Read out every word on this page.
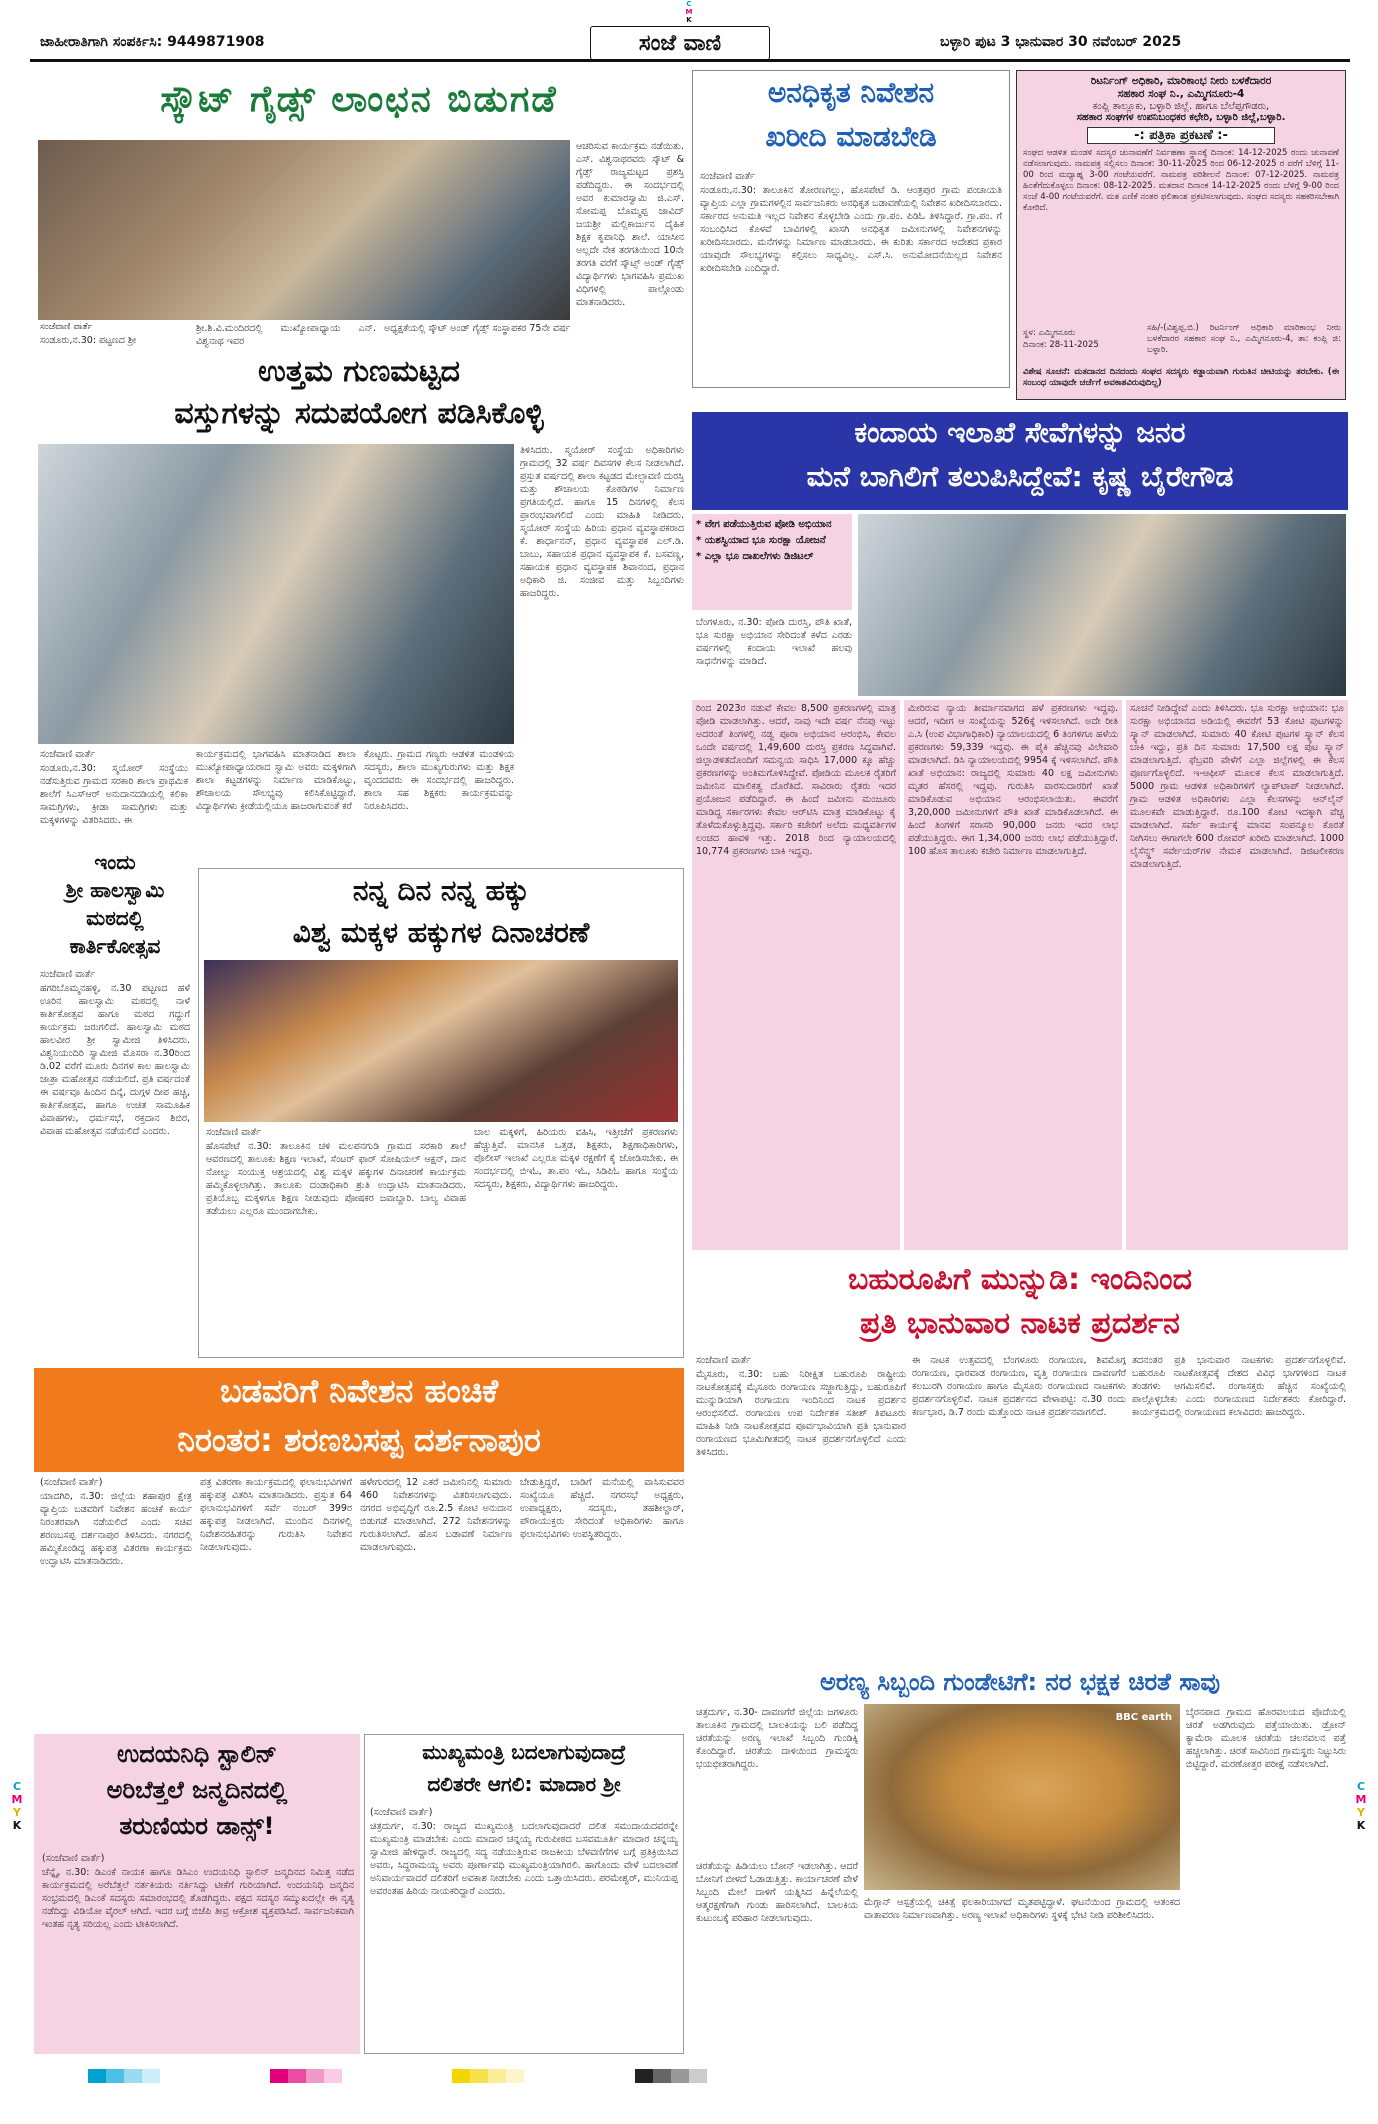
C
M
K
ಜಾಹೀರಾತಿಗಾಗಿ ಸಂಪರ್ಕಿಸಿ: 9449871908	ಸಂಜೆ ವಾಣಿ	ಬಳ್ಳಾರಿ ಪುಟ 3 ಭಾನುವಾರ 30 ನವೆಂಬರ್ 2025
ಸ್ಕೌಟ್ ಗೈಡ್ಸ್ ಲಾಂಛನ ಬಿಡುಗಡೆ
ಸಂಜೆವಾಣಿ ವಾರ್ತೆ
ಸಂಡೂರು,ನ.30: ಪಟ್ಟಣದ ಶ್ರೀ
ಶ್ರೀ.ಶಿ.ವಿ.ಮಂದಿರದಲ್ಲಿ ಮುಖ್ಯೋಪಾಧ್ಯಾಯ ಎನ್. ವಿಶ್ವನಾಥ ಇವರ
ಅಧ್ಯಕ್ಷತೆಯಲ್ಲಿ ಸ್ಕೌಟ್ ಅಂಡ್ ಗೈಡ್ಸ್ ಸಂಸ್ಥಾಪಕರ 75ನೇ ವರ್ಷ
ಆಚರಿಸುವ ಕಾರ್ಯಕ್ರಮ ನಡೆಯಿತು. ಎಸ್. ವಿಶ್ವನಾಥರವರು ಸ್ಕೌಟ್ & ಗೈಡ್ಸ್ ರಾಜ್ಯಮಟ್ಟದ ಪ್ರಶಸ್ತಿ ಪಡೆದಿದ್ದರು. ಈ ಸಂದರ್ಭದಲ್ಲಿ ಅವರ ಕುಮಾರಸ್ವಾಮಿ ಜಿ.ಎಸ್. ಸೋಮಪ್ಪ ಬೊಮ್ಮಪ್ಪ ಜಾವಿದ್ ಜಯಶ್ರೀ ಮಲ್ಲಿಕಾರ್ಜುನ ದೈಹಿಕ ಶಿಕ್ಷಕ ಕೃಪಾನಿಧಿ ಶಾಲೆ. ಯಾಸೀನ ಅಲ್ಲದೇ ನೇಕ ತರಗತಿಯಿಂದ 10ನೇ ತರಗತಿ ವರೆಗೆ ಸ್ಕೌಟ್ಸ್ ಅಂಡ್ ಗೈಡ್ಸ್ ವಿದ್ಯಾರ್ಥಿಗಳು ಭಾಗವಹಿಸಿ ಪ್ರಮುಖ ವಿಧಿಗಳಲ್ಲಿ ಪಾಲ್ಗೊಂಡು ಮಾತನಾಡಿದರು.
ಅನಧಿಕೃತ ನಿವೇಶನ
ಖರೀದಿ ಮಾಡಬೇಡಿ
ಸಂಜೆವಾಣಿ ವಾರ್ತೆ
ಸಂಡೂರು,ನ.30: ತಾಲೂಕಿನ ತೋರಣಗಲ್ಲು, ಹೊಸಪೇಟೆ ಡಿ. ಆಂತ್ರಪುರ ಗ್ರಾಮ ಪಂಚಾಯತಿ ವ್ಯಾಪ್ತಿಯ ಎಲ್ಲಾ ಗ್ರಾಮಗಳಲ್ಲಿನ ಸಾರ್ವಜನಿಕರು ಅನಧಿಕೃತ ಬಡಾವಣೆಯಲ್ಲಿ ನಿವೇಶನ ಖರೀದಿಸಬಾರದು. ಸರ್ಕಾರದ ಅನುಮತಿ ಇಲ್ಲದ ನಿವೇಶನ ಕೊಳ್ಳಬೇಡಿ ಎಂದು ಗ್ರಾ.ಪಂ. ಪಿಡಿಓ ತಿಳಿಸಿದ್ದಾರೆ. ಗ್ರಾ.ಪಂ. ಗೆ ಸಂಬಂಧಿಸಿದ ಕೊಳವೆ ಬಾವಿಗಳಲ್ಲಿ ಖಾಸಗಿ ಅನಧಿಕೃತ ಜಮೀನುಗಳಲ್ಲಿ ನಿವೇಶನಗಳನ್ನು ಖರೀದಿಸಬಾರದು. ಮನೆಗಳನ್ನು ನಿರ್ಮಾಣ ಮಾಡಬಾರದು. ಈ ಕುರಿತು ಸರ್ಕಾರದ ಆದೇಶದ ಪ್ರಕಾರ ಯಾವುದೇ ಸೌಲಭ್ಯಗಳನ್ನು ಕಲ್ಪಿಸಲು ಸಾಧ್ಯವಿಲ್ಲ. ಎಸ್.ಸಿ. ಅನುಮೋದನೆಯಿಲ್ಲದ ನಿವೇಶನ ಖರೀದಿಸಬೇಡಿ ಎಂದಿದ್ದಾರೆ.
ರಿಟರ್ನಿಂಗ್ ಅಧಿಕಾರಿ, ಮಾರಿಕಾಂಭ ನೀರು ಬಳಕೆದಾರರ
ಸಹಕಾರ ಸಂಘ ನಿ., ಎಮ್ಮಿಗನೂರು-4
ಕಂಪ್ಲಿ ತಾಲ್ಲೂಕು, ಬಳ್ಳಾರಿ ಜಿಲ್ಲೆ. ಹಾಗೂ ಬೆಲೆಪ್ಪಗೌಡರು,
ಸಹಕಾರ ಸಂಘಗಳ ಉಪನಿಬಂಧಕರ ಕಛೇರಿ, ಬಳ್ಳಾರಿ ಜಿಲ್ಲೆ,ಬಳ್ಳಾರಿ.
-: ಪತ್ರಿಕಾ ಪ್ರಕಟಣೆ :-
ಸಂಘದ ಆಡಳಿತ ಮಂಡಳಿ ಸದಸ್ಯರ ಚುನಾವಣೆಗೆ ನಿರ್ವಹಣಾ ಸ್ಥಾನಕ್ಕೆ ದಿನಾಂಕ: 14-12-2025 ರಂದು ಚುನಾವಣೆ ನಡೆಸಲಾಗುವುದು. ನಾಮಪತ್ರ ಸಲ್ಲಿಸಲು ದಿನಾಂಕ: 30-11-2025 ರಿಂದ 06-12-2025 ರ ವರೆಗೆ ಬೆಳಿಗ್ಗೆ 11-00 ರಿಂದ ಮಧ್ಯಾಹ್ನ 3-00 ಗಂಟೆಯವರೆಗೆ. ನಾಮಪತ್ರ ಪರಿಶೀಲನೆ ದಿನಾಂಕ: 07-12-2025. ನಾಮಪತ್ರ ಹಿಂತೆಗೆದುಕೊಳ್ಳಲು ದಿನಾಂಕ: 08-12-2025. ಮತದಾನ ದಿನಾಂಕ 14-12-2025 ರಂದು ಬೆಳಿಗ್ಗೆ 9-00 ರಿಂದ ಸಂಜೆ 4-00 ಗಂಟೆಯವರೆಗೆ. ಮತ ಎಣಿಕೆ ನಂತರ ಫಲಿತಾಂಶ ಪ್ರಕಟಿಸಲಾಗುವುದು. ಸಂಘದ ಸದಸ್ಯರು ಸಹಕರಿಸಬೇಕಾಗಿ ಕೋರಿದೆ.
ಸ್ಥಳ: ಎಮ್ಮಿಗನೂರು
ದಿನಾಂಕ: 28-11-2025
ಸಹಿ/-(ವಿಶ್ವಪ್ಪ.ಬಿ.) ರಿಟರ್ನಿಂಗ್ ಅಧಿಕಾರಿ ಮಾರಿಕಾಂಭ ನೀರು ಬಳಕೆದಾರರ ಸಹಕಾರ ಸಂಘ ನಿ., ಎಮ್ಮಿಗನೂರು-4, ತಾ: ಕಂಪ್ಲಿ ಜಿ: ಬಳ್ಳಾರಿ.
ವಿಶೇಷ ಸೂಚನೆ: ಮತದಾನದ ದಿನದಂದು ಸಂಘದ ಸದಸ್ಯರು ಕಡ್ಡಾಯವಾಗಿ ಗುರುತಿನ ಚೀಟಿಯನ್ನು ತರಬೇಕು. (ಈ ಸಂಬಂಧ ಯಾವುದೇ ಚರ್ಚೆಗೆ ಅವಕಾಶವಿರುವುದಿಲ್ಲ)
ಉತ್ತಮ ಗುಣಮಟ್ಟದ
ವಸ್ತುಗಳನ್ನು ಸದುಪಯೋಗ ಪಡಿಸಿಕೊಳ್ಳಿ
ತಿಳಿಸಿದರು. ಸ್ಮಯೋರ್ ಸಂಸ್ಥೆಯ ಅಧಿಕಾರಿಗಳು ಗ್ರಾಮದಲ್ಲಿ 32 ವರ್ಷ ದಿವಸಗಳ ಕೆಲಸ ನೀಡಲಾಗಿದೆ. ಪ್ರಸ್ತುತ ವರ್ಷದಲ್ಲಿ ಶಾಲಾ ಕಟ್ಟಡದ ಮೇಲ್ಛಾವಣಿ ದುರಸ್ತಿ ಮತ್ತು ಶೌಚಾಲಯ ಕೊಠಡಿಗಳ ನಿರ್ಮಾಣ ಪ್ರಗತಿಯಲ್ಲಿದೆ. ಹಾಗೂ 15 ದಿನಗಳಲ್ಲಿ ಕೆಲಸ ಪ್ರಾರಂಭವಾಗಲಿದೆ ಎಂದು ಮಾಹಿತಿ ನೀಡಿದರು. ಸ್ಮಯೋರ್ ಸಂಸ್ಥೆಯ ಹಿರಿಯ ಪ್ರಧಾನ ವ್ಯವಸ್ಥಾಪಕರಾದ ಕೆ. ಶಾರ್ಧಾನನ್, ಪ್ರಧಾನ ವ್ಯವಸ್ಥಾಪಕ ಎಲ್.ಡಿ. ಬಾಬು, ಸಹಾಯಕ ಪ್ರಧಾನ ವ್ಯವಸ್ಥಾಪಕ ಕೆ. ಬಸವಣ್ಣ, ಸಹಾಯಕ ಪ್ರಧಾನ ವ್ಯವಸ್ಥಾಪಕ ಶಿವಾನಂದ, ಪ್ರಧಾನ ಅಧಿಕಾರಿ ಜಿ. ಸಂಜೀವ ಮತ್ತು ಸಿಬ್ಬಂದಿಗಳು ಹಾಜರಿದ್ದರು.
ಸಂಜೆವಾಣಿ ವಾರ್ತೆ
ಸಂಡೂರು,ನ.30: ಸ್ಮಯೋರ್ ಸಂಸ್ಥೆಯು ನಡೆಸುತ್ತಿರುವ ಗ್ರಾಮದ ಸರಕಾರಿ ಶಾಲಾ ಪ್ರಾಥಮಿಕ ಶಾಲೆಗೆ ಸಿಎಸ್‌ಆರ್ ಅನುದಾನದಡಿಯಲ್ಲಿ ಕಲಿಕಾ ಸಾಮಗ್ರಿಗಳು, ಕ್ರೀಡಾ ಸಾಮಗ್ರಿಗಳು ಮತ್ತು ಮಕ್ಕಳಿಗಳನ್ನು ವಿತರಿಸಿದರು. ಈ
ಕಾರ್ಯಕ್ರಮದಲ್ಲಿ ಭಾಗವಹಿಸಿ ಮಾತನಾಡಿದ ಶಾಲಾ ಮುಖ್ಯೋಪಾಧ್ಯಾಯರಾದ ಸ್ವಾಮಿ ಅವರು ಮಕ್ಕಳಿಗಾಗಿ ಶಾಲಾ ಕಟ್ಟಡಗಳನ್ನು ನಿರ್ಮಾಣ ಮಾಡಿಕೊಟ್ಟು, ಶೌಚಾಲಯ ಸೌಲಭ್ಯವು ಕಲಿಸಿಕೊಟ್ಟಿದ್ದಾರೆ. ವಿದ್ಯಾರ್ಥಿಗಳು ಕ್ರೀಡೆಯಲ್ಲಿಯೂ ಹಾಜರಾಗುವಂತೆ ಕರೆ
ಕೊಟ್ಟರು. ಗ್ರಾಮದ ಗಣ್ಯರು ಆಡಳಿತ ಮಂಡಳಿಯ ಸದಸ್ಯರು, ಶಾಲಾ ಮುಖ್ಯಗುರುಗಳು ಮತ್ತು ಶಿಕ್ಷಕ ವೃಂದದವರು ಈ ಸಂದರ್ಭದಲ್ಲಿ ಹಾಜರಿದ್ದರು. ಶಾಲಾ ಸಹ ಶಿಕ್ಷಕರು ಕಾರ್ಯಕ್ರಮವನ್ನು ನಿರೂಪಿಸಿದರು.
ಇಂದು
ಶ್ರೀ ಹಾಲಸ್ವಾಮಿ
ಮಠದಲ್ಲಿ
ಕಾರ್ತಿಕೋತ್ಸವ
ಸಂಜೆವಾಣಿ ವಾರ್ತೆ
ಹಗರಿಬೊಮ್ಮನಹಳ್ಳಿ, ನ.30 ಪಟ್ಟಣದ ಹಳೆ ಊರಿನ ಹಾಲಸ್ವಾಮಿ ಮಠದಲ್ಲಿ ನಾಳೆ ಕಾರ್ತಿಕೋತ್ಸವ ಹಾಗೂ ಮಠದ ಗದ್ದುಗೆ ಕಾರ್ಯಕ್ರಮ ಜರುಗಲಿದೆ. ಹಾಲಸ್ವಾಮಿ ಮಠದ ಹಾಲವೀರ ಶ್ರೀ ಸ್ವಾಮೀಜಿ ತಿಳಿಸಿದರು. ವಿಶ್ವನಿಯಂದಿರಿ ಸ್ವಾಮೀಜಿ ಮೊಸರಾ ನ.30ರಿಂದ ಡಿ.02 ವರೆಗೆ ಮೂರು ದಿನಗಳ ಕಾಲ ಹಾಲಸ್ವಾಮಿ ಜಾತ್ರಾ ಮಹೋತ್ಸವ ನಡೆಯಲಿದೆ. ಪ್ರತಿ ವರ್ಷದಂತೆ ಈ ವರ್ಷವೂ ಹಿಂದಿನ ದಿನ್ಕೆ, ದುಗ್ಗಳ ದೀಪ ಹಚ್ಚಿ, ಕಾರ್ತಿಕೋತ್ಸವ, ಹಾಗೂ ಉಚಿತ ಸಾಮೂಹಿಕ ವಿವಾಹಗಳು, ಧರ್ಮಸಭೆ, ರಕ್ತದಾನ ಶಿಬಿರ, ವಿವಾಹ ಮಹೋತ್ಸವ ನಡೆಯಲಿದೆ ಎಂದರು.
ನನ್ನ ದಿನ ನನ್ನ ಹಕ್ಕು
ವಿಶ್ವ ಮಕ್ಕಳ ಹಕ್ಕುಗಳ ದಿನಾಚರಣೆ
ಸಂಜೆವಾಣಿ ವಾರ್ತೆ
ಹೊಸಪೇಟೆ ನ.30: ತಾಲೂಕಿನ ಚಳಿ ಮಲಪನಗುಡಿ ಗ್ರಾಮದ ಸರಕಾರಿ ಶಾಲೆ ಆವರಣದಲ್ಲಿ ತಾಲೂಕು ಶಿಕ್ಷಣ ಇಲಾಖೆ, ಸೆಂಟರ್ ಫಾರ್ ಸೋಷಿಯಲ್ ಆಕ್ಷನ್, ದಾನ ನೋಲ್ವು ಸಂಯುಕ್ತ ಆಶ್ರಯದಲ್ಲಿ ವಿಶ್ವ ಮಕ್ಕಳ ಹಕ್ಕುಗಳ ದಿನಾಚರಣೆ ಕಾರ್ಯಕ್ರಮ ಹಮ್ಮಿಕೊಳ್ಳಲಾಗಿತ್ತು. ತಾಲೂಕು ದಂಡಾಧಿಕಾರಿ ಶ್ರುತಿ ಉದ್ಘಾಟಿಸಿ ಮಾತನಾಡಿದರು. ಪ್ರತಿಯೊಬ್ಬ ಮಕ್ಕಳಿಗೂ ಶಿಕ್ಷಣ ನೀಡುವುದು ಪೋಷಕರ ಜವಾಬ್ದಾರಿ. ಬಾಲ್ಯ ವಿವಾಹ ತಡೆಯಲು ಎಲ್ಲರೂ ಮುಂದಾಗಬೇಕು.
ಬಾಲ ಮಕ್ಕಳಿಗೆ, ಹಿರಿಯರು ವಹಿಸಿ, ಇತ್ತೀಚೆಗೆ ಪ್ರಕರಣಗಳು ಹೆಚ್ಚುತ್ತಿವೆ. ಮಾನಸಿಕ ಒತ್ತಡ, ಶಿಕ್ಷಕರು, ಶಿಕ್ಷಣಾಧಿಕಾರಿಗಳು, ಪೊಲೀಸ್ ಇಲಾಖೆ ಎಲ್ಲರೂ ಮಕ್ಕಳ ರಕ್ಷಣೆಗೆ ಕೈ ಜೋಡಿಸಬೇಕು. ಈ ಸಂದರ್ಭದಲ್ಲಿ ಬಿಇಓ, ತಾ.ಪಂ ಇಓ, ಸಿಡಿಪಿಓ ಹಾಗೂ ಸಂಸ್ಥೆಯ ಸದಸ್ಯರು, ಶಿಕ್ಷಕರು, ವಿದ್ಯಾರ್ಥಿಗಳು ಹಾಜರಿದ್ದರು.
ಕಂದಾಯ ಇಲಾಖೆ ಸೇವೆಗಳನ್ನು ಜನರ
ಮನೆ ಬಾಗಿಲಿಗೆ ತಲುಪಿಸಿದ್ದೇವೆ: ಕೃಷ್ಣ ಬೈರೇಗೌಡ
* ವೇಗ ಪಡೆಯುತ್ತಿರುವ ಪೋಡಿ ಅಭಿಯಾನ
* ಯಶಸ್ವಿಯಾದ ಭೂ ಸುರಕ್ಷಾ ಯೋಜನೆ
* ಎಲ್ಲಾ ಭೂ ದಾಖಲೆಗಳು ಡಿಜಿಟಲ್
ಬೆಂಗಳೂರು, ನ.30: ಪೋಡಿ ದುರಸ್ತಿ, ಪೌತಿ ಖಾತೆ, ಭೂ ಸುರಕ್ಷಾ ಅಭಿಯಾನ ಸೇರಿದಂತೆ ಕಳೆದ ಎರಡು ವರ್ಷಗಳಲ್ಲಿ ಕಂದಾಯ ಇಲಾಖೆ ಹಲವು ಸಾಧನೆಗಳನ್ನು ಮಾಡಿದೆ.
ರಿಂದ 2023ರ ನಡುವೆ ಕೇವಲ 8,500 ಪ್ರಕರಣಗಳಲ್ಲಿ ಮಾತ್ರ ಪೋಡಿ ಮಾಡಲಾಗಿತ್ತು. ಆದರೆ, ನಾವು ಇದೇ ವರ್ಷ ನೆನಪು ಇಟ್ಟು ಅದರಂತೆ ತಿಂಗಳಲ್ಲಿ ನಡ್ವ ಪೂರಾ ಅಭಿಯಾನ ಆರಂಭಿಸಿ, ಕೇವಲ ಒಂದೇ ವರ್ಷದಲ್ಲಿ 1,49,600 ದುರಸ್ತಿ ಪ್ರಕರಣ ಸಿದ್ಧವಾಗಿವೆ. ಜಿಲ್ಲಾಡಳಿತದೊಂದಿಗೆ ಸಮನ್ವಯ ಸಾಧಿಸಿ 17,000 ಕ್ಕೂ ಹೆಚ್ಚು ಪ್ರಕರಣಗಳನ್ನು ಅಂತಿಮಗೊಳಿಸಿದ್ದೇವೆ. ಪೋಡಿಯ ಮೂಲಕ ರೈತರಿಗೆ ಜಮೀನಿನ ಮಾಲಿಕತ್ವ ದೊರೆತಿದೆ. ಸಾವಿರಾರು ರೈತರು ಇದರ ಪ್ರಯೋಜನ ಪಡೆದಿದ್ದಾರೆ. ಈ ಹಿಂದೆ ಜಮೀನು ಮಂಜೂರು ಮಾಡಿದ್ದ ಸರ್ಕಾರಗಳು ಕೇವಲ ಆರ್‌ಟಿಸಿ ಮಾತ್ರ ಮಾಡಿಕೊಟ್ಟು ಕೈ ತೊಳೆದುಕೊಳ್ಳುತ್ತಿದ್ದವು. ಸರ್ಕಾರಿ ಕಚೇರಿಗೆ ಅಲೆದು ಮಧ್ಯವರ್ತಿಗಳ ಲಂಚದ ಹಾವಳಿ ಇತ್ತು. 2018 ರಿಂದ ನ್ಯಾಯಾಲಯದಲ್ಲಿ 10,774 ಪ್ರಕರಣಗಳು ಬಾಕಿ ಇದ್ದವು.
ಮೀರಿರುವ ನ್ಯಾಯ ತೀರ್ಮಾನವಾಗದ ಹಳೆ ಪ್ರಕರಣಗಳು ಇದ್ದವು. ಆದರೆ, ಇದೀಗ ಆ ಸಂಖ್ಯೆಯನ್ನು 526ಕ್ಕೆ ಇಳಿಸಲಾಗಿದೆ. ಅದೇ ರೀತಿ ಎ.ಸಿ (ಉಪ ವಿಭಾಗಾಧಿಕಾರಿ) ನ್ಯಾಯಾಲಯದಲ್ಲಿ 6 ತಿಂಗಳಿಗೂ ಹಳೆಯ ಪ್ರಕರಣಗಳು 59,339 ಇದ್ದವು. ಈ ಪೈಕಿ ಹೆಚ್ಚಿನವು ವಿಲೇವಾರಿ ಮಾಡಲಾಗಿದೆ. ಡಿಸಿ ನ್ಯಾಯಾಲಯದಲ್ಲಿ 9954 ಕ್ಕೆ ಇಳಿಸಲಾಗಿದೆ. ಪೌತಿ ಖಾತೆ ಅಭಿಯಾನ: ರಾಜ್ಯದಲ್ಲಿ ಸುಮಾರು 40 ಲಕ್ಷ ಜಮೀನುಗಳು ಮೃತರ ಹೆಸರಲ್ಲಿ ಇದ್ದವು. ಗುರುತಿಸಿ ವಾರಸುದಾರರಿಗೆ ಖಾತೆ ಮಾಡಿಕೊಡುವ ಅಭಿಯಾನ ಆರಂಭಿಸಲಾಯಿತು. ಈವರೆಗೆ 3,20,000 ಜಮೀನುಗಳಿಗೆ ಪೌತಿ ಖಾತೆ ಮಾಡಿಕೊಡಲಾಗಿದೆ. ಈ ಹಿಂದೆ ತಿಂಗಳಿಗೆ ಸರಾಸರಿ 90,000 ಜನರು ಇದರ ಲಾಭ ಪಡೆಯುತ್ತಿದ್ದರು. ಈಗ 1,34,000 ಜನರು ಲಾಭ ಪಡೆಯುತ್ತಿದ್ದಾರೆ. 100 ಹೊಸ ತಾಲೂಕು ಕಚೇರಿ ನಿರ್ಮಾಣ ಮಾಡಲಾಗುತ್ತಿದೆ.
ಸೂಚನೆ ನೀಡಿದ್ದೇವೆ ಎಂದು ತಿಳಿಸಿದರು. ಭೂ ಸುರಕ್ಷಾ ಅಭಿಯಾನ: ಭೂ ಸುರಕ್ಷಾ ಅಭಿಯಾನದ ಅಡಿಯಲ್ಲಿ ಈವರೆಗೆ 53 ಕೋಟಿ ಪುಟಗಳನ್ನು ಸ್ಕ್ಯಾನ್ ಮಾಡಲಾಗಿದೆ. ಸುಮಾರು 40 ಕೋಟಿ ಪುಟಗಳ ಸ್ಕ್ಯಾನ್ ಕೆಲಸ ಬಾಕಿ ಇದ್ದು, ಪ್ರತಿ ದಿನ ಸುಮಾರು 17,500 ಲಕ್ಷ ಪುಟ ಸ್ಕ್ಯಾನ್ ಮಾಡಲಾಗುತ್ತಿದೆ. ಫೆಬ್ರವರಿ ವೇಳೆಗೆ ಎಲ್ಲಾ ಜಿಲ್ಲೆಗಳಲ್ಲಿ ಈ ಕೆಲಸ ಪೂರ್ಣಗೊಳ್ಳಲಿದೆ. ಇ-ಆಫೀಸ್ ಮೂಲಕ ಕೆಲಸ ಮಾಡಲಾಗುತ್ತಿದೆ. 5000 ಗ್ರಾಮ ಆಡಳಿತ ಅಧಿಕಾರಿಗಳಿಗೆ ಲ್ಯಾಪ್‌ಟಾಪ್ ನೀಡಲಾಗಿದೆ. ಗ್ರಾಮ ಆಡಳಿತ ಅಧಿಕಾರಿಗಳು ಎಲ್ಲಾ ಕೆಲಸಗಳನ್ನು ಆನ್‌ಲೈನ್ ಮೂಲಕವೇ ಮಾಡುತ್ತಿದ್ದಾರೆ. ರೂ.100 ಕೋಟಿ ಇದಕ್ಕಾಗಿ ವೆಚ್ಚ ಮಾಡಲಾಗಿದೆ. ಸರ್ವೇ ಕಾರ್ಯಕ್ಕೆ ಮಾನವ ಸಂಪನ್ಮೂಲ ಕೊರತೆ ನೀಗಿಸಲು ಈಗಾಗಲೇ 600 ರೋವರ್ ಖರೀದಿ ಮಾಡಲಾಗಿದೆ. 1000 ಲೈಸೆನ್ಸ್ಡ್ ಸರ್ವೇಯರ್‌ಗಳ ನೇಮಕ ಮಾಡಲಾಗಿದೆ. ಡಿಜಿಟಲೀಕರಣ ಮಾಡಲಾಗುತ್ತಿದೆ.
ಬಹುರೂಪಿಗೆ ಮುನ್ನುಡಿ: ಇಂದಿನಿಂದ
ಪ್ರತಿ ಭಾನುವಾರ ನಾಟಕ ಪ್ರದರ್ಶನ
ಸಂಜೆವಾಣಿ ವಾರ್ತೆ
ಮೈಸೂರು, ನ.30: ಬಹು ನಿರೀಕ್ಷಿತ ಬಹುರೂಪಿ ರಾಷ್ಟ್ರೀಯ ನಾಟಕೋತ್ಸವಕ್ಕೆ ಮೈಸೂರು ರಂಗಾಯಣ ಸಜ್ಜಾಗುತ್ತಿದ್ದು, ಬಹುರೂಪಿಗೆ ಮುನ್ನುಡಿಯಾಗಿ ರಂಗಾಯಣ ಇಂದಿನಿಂದ ನಾಟಕ ಪ್ರದರ್ಶನ ಆರಂಭಿಸಲಿದೆ. ರಂಗಾಯಣ ಉಪ ನಿರ್ದೇಶಕ ಸತೀಶ್ ತಿಪಟೂರು ಮಾಹಿತಿ ನೀಡಿ ನಾಟಕೋತ್ಸವದ ಪೂರ್ವಭಾವಿಯಾಗಿ ಪ್ರತಿ ಭಾನುವಾರ ರಂಗಾಯಣದ ಭೂಮಿಗೀತದಲ್ಲಿ ನಾಟಕ ಪ್ರದರ್ಶನಗೊಳ್ಳಲಿದೆ ಎಂದು ತಿಳಿಸಿದರು.
ಈ ನಾಟಕ ಉತ್ಸವದಲ್ಲಿ ಬೆಂಗಳೂರು ರಂಗಾಯಣ, ಶಿವಮೊಗ್ಗ ರಂಗಾಯಣ, ಧಾರವಾಡ ರಂಗಾಯಣ, ವೃತ್ತಿ ರಂಗಾಯಣ ದಾವಣಗೆರೆ ಕಲಬುರಗಿ ರಂಗಾಯಣ ಹಾಗೂ ಮೈಸೂರು ರಂಗಾಯಣದ ನಾಟಕಗಳು ಪ್ರದರ್ಶನಗೊಳ್ಳಲಿವೆ. ನಾಟಕ ಪ್ರದರ್ಶನದ ವೇಳಾಪಟ್ಟಿ: ನ.30 ರಂದು ಕರ್ಣಭಾರ, ಡಿ.7 ರಂದು ಮತ್ತೊಂದು ನಾಟಕ ಪ್ರದರ್ಶನವಾಗಲಿದೆ.
ತದನಂತರ ಪ್ರತಿ ಭಾನುವಾರ ನಾಟಕಗಳು ಪ್ರದರ್ಶನಗೊಳ್ಳಲಿವೆ. ಬಹುರೂಪಿ ನಾಟಕೋತ್ಸವಕ್ಕೆ ದೇಶದ ವಿವಿಧ ಭಾಗಗಳಿಂದ ನಾಟಕ ತಂಡಗಳು ಆಗಮಿಸಲಿವೆ. ರಂಗಾಸಕ್ತರು ಹೆಚ್ಚಿನ ಸಂಖ್ಯೆಯಲ್ಲಿ ಪಾಲ್ಗೊಳ್ಳಬೇಕು ಎಂದು ರಂಗಾಯಣದ ನಿರ್ದೇಶಕರು ಕೋರಿದ್ದಾರೆ. ಕಾರ್ಯಕ್ರಮದಲ್ಲಿ ರಂಗಾಯಣದ ಕಲಾವಿದರು ಹಾಜರಿದ್ದರು.
ಬಡವರಿಗೆ ನಿವೇಶನ ಹಂಚಿಕೆ
ನಿರಂತರ: ಶರಣಬಸಪ್ಪ ದರ್ಶನಾಪುರ
(ಸಂಜೆವಾಣಿ ವಾರ್ತೆ)
ಯಾದಗಿರಿ, ನ.30: ಜಿಲ್ಲೆಯ ಶಹಾಪುರ ಕ್ಷೇತ್ರ ವ್ಯಾಪ್ತಿಯ ಬಡವರಿಗೆ ನಿವೇಶನ ಹಂಚಿಕೆ ಕಾರ್ಯ ನಿರಂತರವಾಗಿ ನಡೆಯಲಿದೆ ಎಂದು ಸಚಿವ ಶರಣಬಸಪ್ಪ ದರ್ಶನಾಪುರ ತಿಳಿಸಿದರು. ನಗರದಲ್ಲಿ ಹಮ್ಮಿಕೊಂಡಿದ್ದ ಹಕ್ಕುಪತ್ರ ವಿತರಣಾ ಕಾರ್ಯಕ್ರಮ ಉದ್ಘಾಟಿಸಿ ಮಾತನಾಡಿದರು.
ಪತ್ರ ವಿತರಣಾ ಕಾರ್ಯಕ್ರಮದಲ್ಲಿ ಫಲಾನುಭವಿಗಳಿಗೆ ಹಕ್ಕುಪತ್ರ ವಿತರಿಸಿ ಮಾತನಾಡಿದರು. ಪ್ರಸ್ತುತ 64 ಫಲಾನುಭವಿಗಳಿಗೆ ಸರ್ವೆ ನಂಬರ್ 399ರ ಹಕ್ಕುಪತ್ರ ನೀಡಲಾಗಿದೆ. ಮುಂದಿನ ದಿನಗಳಲ್ಲಿ ನಿವೇಶನರಹಿತರನ್ನು ಗುರುತಿಸಿ ನಿವೇಶನ ನೀಡಲಾಗುವುದು.
ಹಳೇಗುರದಲ್ಲಿ 12 ಎಕರೆ ಜಮೀನಿನಲ್ಲಿ ಸುಮಾರು 460 ನಿವೇಶನಗಳನ್ನು ವಿತರಿಸಲಾಗುವುದು. ನಗರದ ಅಭಿವೃದ್ಧಿಗೆ ರೂ.2.5 ಕೋಟಿ ಅನುದಾನ ಬಿಡುಗಡೆ ಮಾಡಲಾಗಿದೆ. 272 ನಿವೇಶನಗಳನ್ನು ಗುರುತಿಸಲಾಗಿದೆ. ಹೊಸ ಬಡಾವಣೆ ನಿರ್ಮಾಣ ಮಾಡಲಾಗುವುದು.
ಬೇಡುತ್ತಿದ್ದರೆ, ಬಾಡಿಗೆ ಮನೆಯಲ್ಲಿ ವಾಸಿಸುವವರ ಸಂಖ್ಯೆಯೂ ಹೆಚ್ಚಿದೆ. ನಗರಸಭೆ ಅಧ್ಯಕ್ಷರು, ಉಪಾಧ್ಯಕ್ಷರು, ಸದಸ್ಯರು, ತಹಶೀಲ್ದಾರ್, ಪೌರಾಯುಕ್ತರು ಸೇರಿದಂತೆ ಅಧಿಕಾರಿಗಳು ಹಾಗೂ ಫಲಾನುಭವಿಗಳು ಉಪಸ್ಥಿತರಿದ್ದರು.
ಉದಯನಿಧಿ ಸ್ಟಾಲಿನ್
ಅರಿಬೆತ್ತಲೆ ಜನ್ಮದಿನದಲ್ಲಿ
ತರುಣಿಯರ ಡಾನ್ಸ್!
(ಸಂಜೆವಾಣಿ ವಾರ್ತೆ)
ಚೆನ್ನೈ, ನ.30: ಡಿಎಂಕೆ ನಾಯಕ ಹಾಗೂ ಡಿಸಿಎಂ ಉದಯನಿಧಿ ಸ್ಟಾಲಿನ್ ಜನ್ಮದಿನದ ನಿಮಿತ್ತ ನಡೆದ ಕಾರ್ಯಕ್ರಮದಲ್ಲಿ ಅರೆಬೆತ್ತಲೆ ನರ್ತಕಿಯರು ನರ್ತಿಸಿದ್ದು ಟೀಕೆಗೆ ಗುರಿಯಾಗಿದೆ. ಉದಯನಿಧಿ ಜನ್ಮದಿನ ಸಂಭ್ರಮದಲ್ಲಿ ಡಿಎಂಕೆ ಸದಸ್ಯರು ಸಮಾರಂಭದಲ್ಲಿ ತೊಡಗಿದ್ದರು. ಪಕ್ಷದ ಸದಸ್ಯರ ಸಮ್ಮುಖದಲ್ಲೇ ಈ ನೃತ್ಯ ನಡೆದಿದ್ದು ವಿಡಿಯೋ ವೈರಲ್ ಆಗಿದೆ. ಇದರ ಬಗ್ಗೆ ಬಿಜೆಪಿ ತೀವ್ರ ಆಕ್ರೋಶ ವ್ಯಕ್ತಪಡಿಸಿದೆ. ಸಾರ್ವಜನಿಕವಾಗಿ ಇಂತಹ ನೃತ್ಯ ಸರಿಯಲ್ಲ ಎಂದು ಟೀಕಿಸಲಾಗಿದೆ.
ಮುಖ್ಯಮಂತ್ರಿ ಬದಲಾಗುವುದಾದ್ರೆ
ದಲಿತರೇ ಆಗಲಿ: ಮಾದಾರ ಶ್ರೀ
(ಸಂಜೆವಾಣಿ ವಾರ್ತೆ)
ಚಿತ್ರದುರ್ಗ, ನ.30: ರಾಜ್ಯದ ಮುಖ್ಯಮಂತ್ರಿ ಬದಲಾಗುವುದಾದರೆ ದಲಿತ ಸಮುದಾಯದವರನ್ನೇ ಮುಖ್ಯಮಂತ್ರಿ ಮಾಡಬೇಕು ಎಂದು ಮಾದಾರ ಚನ್ನಯ್ಯ ಗುರುಪೀಠದ ಬಸವಮೂರ್ತಿ ಮಾದಾರ ಚನ್ನಯ್ಯ ಸ್ವಾಮೀಜಿ ಹೇಳಿದ್ದಾರೆ. ರಾಜ್ಯದಲ್ಲಿ ಸದ್ಯ ನಡೆಯುತ್ತಿರುವ ರಾಜಕೀಯ ಬೆಳವಣಿಗೆಗಳ ಬಗ್ಗೆ ಪ್ರತಿಕ್ರಿಯಿಸಿದ ಅವರು, ಸಿದ್ದರಾಮಯ್ಯ ಅವರು ಪೂರ್ಣಾವಧಿ ಮುಖ್ಯಮಂತ್ರಿಯಾಗಿರಲಿ. ಹಾಗೊಂದು ವೇಳೆ ಬದಲಾವಣೆ ಅನಿವಾರ್ಯವಾದರೆ ದಲಿತರಿಗೆ ಅವಕಾಶ ನೀಡಬೇಕು ಎಂದು ಒತ್ತಾಯಿಸಿದರು. ಪರಮೇಶ್ವರ್, ಮುನಿಯಪ್ಪ ಅವರಂತಹ ಹಿರಿಯ ನಾಯಕರಿದ್ದಾರೆ ಎಂದರು.
ಅರಣ್ಯ ಸಿಬ್ಬಂದಿ ಗುಂಡೇಟಿಗೆ: ನರ ಭಕ್ಷಕ ಚಿರತೆ ಸಾವು
ಚಿತ್ರದುರ್ಗ, ನ.30- ದಾವಣಗೆರೆ ಜಿಲ್ಲೆಯ ಜಗಳೂರು ತಾಲೂಕಿನ ಗ್ರಾಮದಲ್ಲಿ ಬಾಲಕಿಯನ್ನು ಬಲಿ ಪಡೆದಿದ್ದ ಚಿರತೆಯನ್ನು ಅರಣ್ಯ ಇಲಾಖೆ ಸಿಬ್ಬಂದಿ ಗುಂಡಿಕ್ಕಿ ಕೊಂದಿದ್ದಾರೆ. ಚಿರತೆಯ ದಾಳಿಯಿಂದ ಗ್ರಾಮಸ್ಥರು ಭಯಭೀತರಾಗಿದ್ದರು.
BBC earth ಬೈರನಪಾದ ಗ್ರಾಮದ ಹೊರವಲಯದ ಪೊದೆಯಲ್ಲಿ ಚಿರತೆ ಅಡಗಿರುವುದು ಪತ್ತೆಯಾಯಿತು. ಡ್ರೋನ್ ಕ್ಯಾಮೆರಾ ಮೂಲಕ ಚಿರತೆಯ ಚಲನವಲನ ಪತ್ತೆ ಹಚ್ಚಲಾಗಿತ್ತು. ಚಿರತೆ ಸಾವಿನಿಂದ ಗ್ರಾಮಸ್ಥರು ನಿಟ್ಟುಸಿರು ಬಿಟ್ಟಿದ್ದಾರೆ. ಮರಣೋತ್ತರ ಪರೀಕ್ಷೆ ನಡೆಸಲಾಗಿದೆ.
ಚಿರತೆಯನ್ನು ಹಿಡಿಯಲು ಬೋನ್ ಇಡಲಾಗಿತ್ತು. ಆದರೆ ಬೋನಿಗೆ ಬೀಳದೆ ಓಡಾಡುತ್ತಿತ್ತು. ಕಾರ್ಯಾಚರಣೆ ವೇಳೆ ಸಿಬ್ಬಂದಿ ಮೇಲೆ ದಾಳಿಗೆ ಯತ್ನಿಸಿದ ಹಿನ್ನೆಲೆಯಲ್ಲಿ ಆತ್ಮರಕ್ಷಣೆಗಾಗಿ ಗುಂಡು ಹಾರಿಸಲಾಗಿದೆ. ಬಾಲಕಿಯ ಕುಟುಂಬಕ್ಕೆ ಪರಿಹಾರ ನೀಡಲಾಗುವುದು.
ಮೆಗ್ಗಾನ್ ಆಸ್ಪತ್ರೆಯಲ್ಲಿ ಚಿಕಿತ್ಸೆ ಫಲಕಾರಿಯಾಗದೆ ಮೃತಪಟ್ಟಿದ್ದಾಳೆ. ಘಟನೆಯಿಂದ ಗ್ರಾಮದಲ್ಲಿ ಆತಂಕದ ವಾತಾವರಣ ನಿರ್ಮಾಣವಾಗಿತ್ತು. ಅರಣ್ಯ ಇಲಾಖೆ ಅಧಿಕಾರಿಗಳು ಸ್ಥಳಕ್ಕೆ ಭೇಟಿ ನೀಡಿ ಪರಿಶೀಲಿಸಿದರು.
C
M
Y
K
C
M
Y
K
